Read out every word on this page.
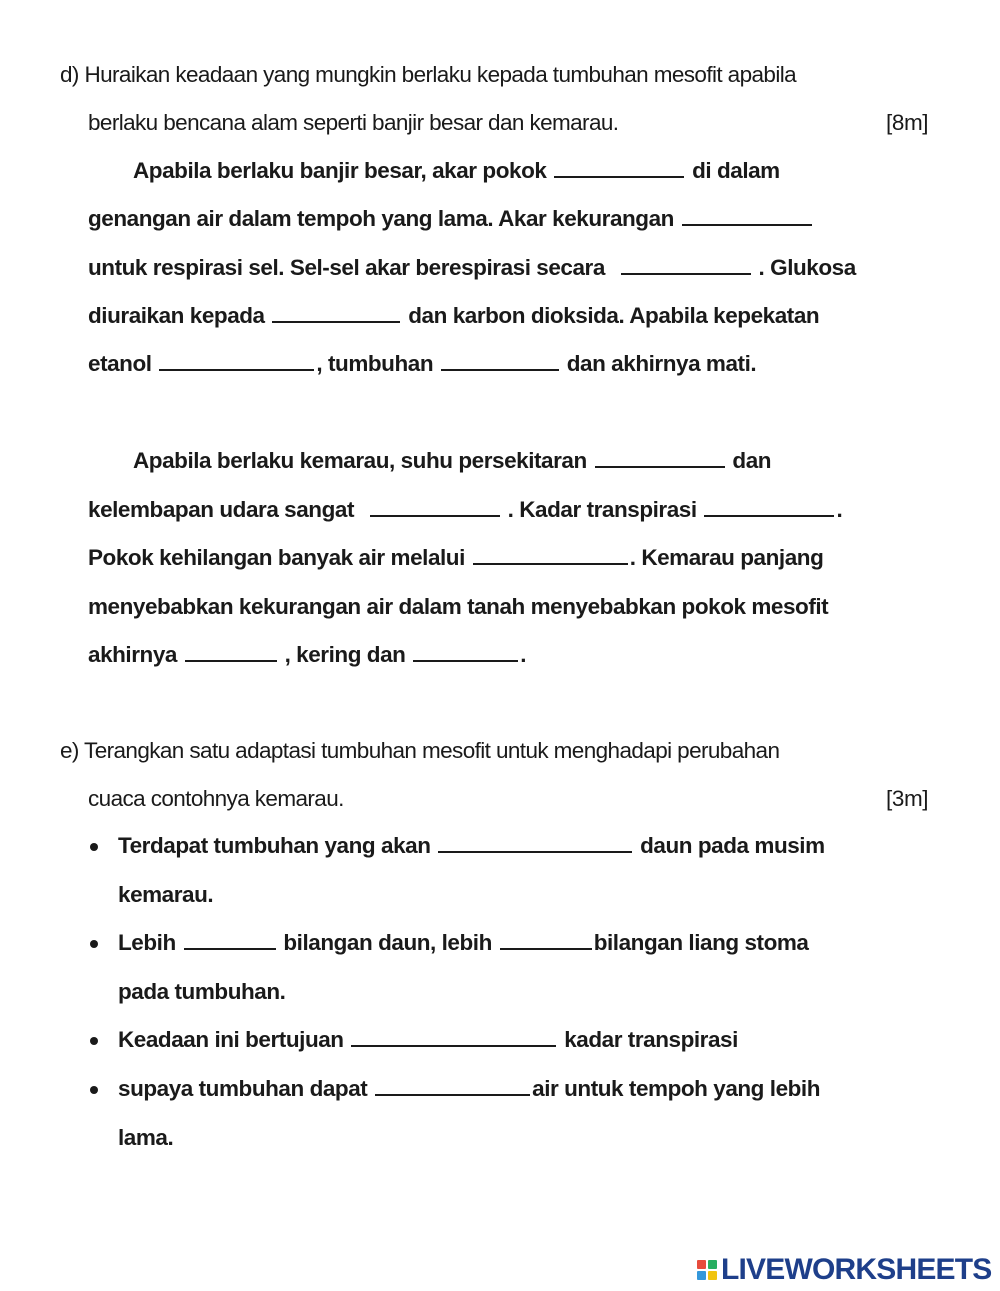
d) Huraikan keadaan yang mungkin berlaku kepada tumbuhan mesofit apabila
berlaku bencana alam seperti banjir besar dan kemarau.	[8m]
Apabila berlaku banjir besar, akar pokok	di dalam
genangan air dalam tempoh yang lama. Akar kekurangan
untuk respirasi sel. Sel-sel akar berespirasi secara	. Glukosa
diuraikan kepada	dan karbon dioksida. Apabila kepekatan
etanol	, tumbuhan	dan akhirnya mati.
Apabila berlaku kemarau, suhu persekitaran	dan
kelembapan udara sangat	. Kadar transpirasi	.
Pokok kehilangan banyak air melalui	. Kemarau panjang
menyebabkan kekurangan air dalam tanah menyebabkan pokok mesofit
akhirnya	, kering dan	.
e) Terangkan satu adaptasi tumbuhan mesofit untuk menghadapi perubahan
cuaca contohnya kemarau.	[3m]
Terdapat tumbuhan yang akan	daun pada musim
kemarau.
Lebih	bilangan daun, lebih	bilangan liang stoma
pada tumbuhan.
Keadaan ini bertujuan	kadar transpirasi
supaya tumbuhan dapat	air untuk tempoh yang lebih
lama.
LIVEWORKSHEETS
